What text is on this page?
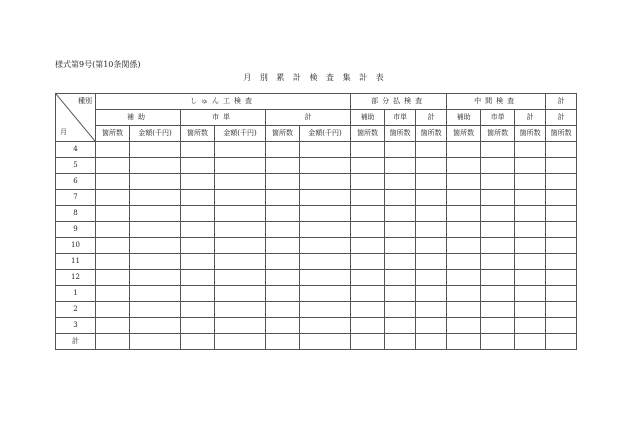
様式第9号(第10条関係)
月 別 累 計 検 査 集 計 表
種別
月	しゅん工検査						部分払検査			中間検査			計
	補助		市単		計		補助	市単	計	補助	市単	計	計
	箇所数	金額(千円)	箇所数	金額(千円)	箇所数	金額(千円)	箇所数	箇所数	箇所数	箇所数	箇所数	箇所数	箇所数
4													
5													
6													
7													
8													
9													
10													
11													
12													
1													
2													
3													
計													
